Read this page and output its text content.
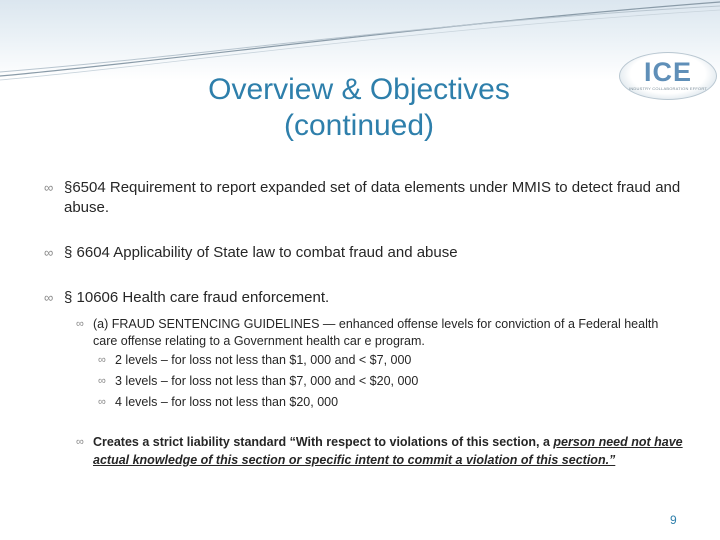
ICE
INDUSTRY COLLABORATION EFFORT
Overview & Objectives
(continued)
∞ §6504 Requirement to report expanded set of data elements under MMIS to detect fraud and abuse.
∞ § 6604 Applicability of State law to combat fraud and abuse
∞ § 10606 Health care fraud enforcement.
∞ (a) FRAUD SENTENCING GUIDELINES — enhanced offense levels for conviction of a Federal health care offense relating to a Government health car e program.
∞ 2 levels – for loss not less than $1, 000 and < $7, 000
∞ 3 levels – for loss not less than $7, 000 and < $20, 000
∞ 4 levels – for loss not less than $20, 000
∞ Creates a strict liability standard “With respect to violations of this section, a person need not have actual knowledge of this section or specific intent to commit a violation of this section.”
9
